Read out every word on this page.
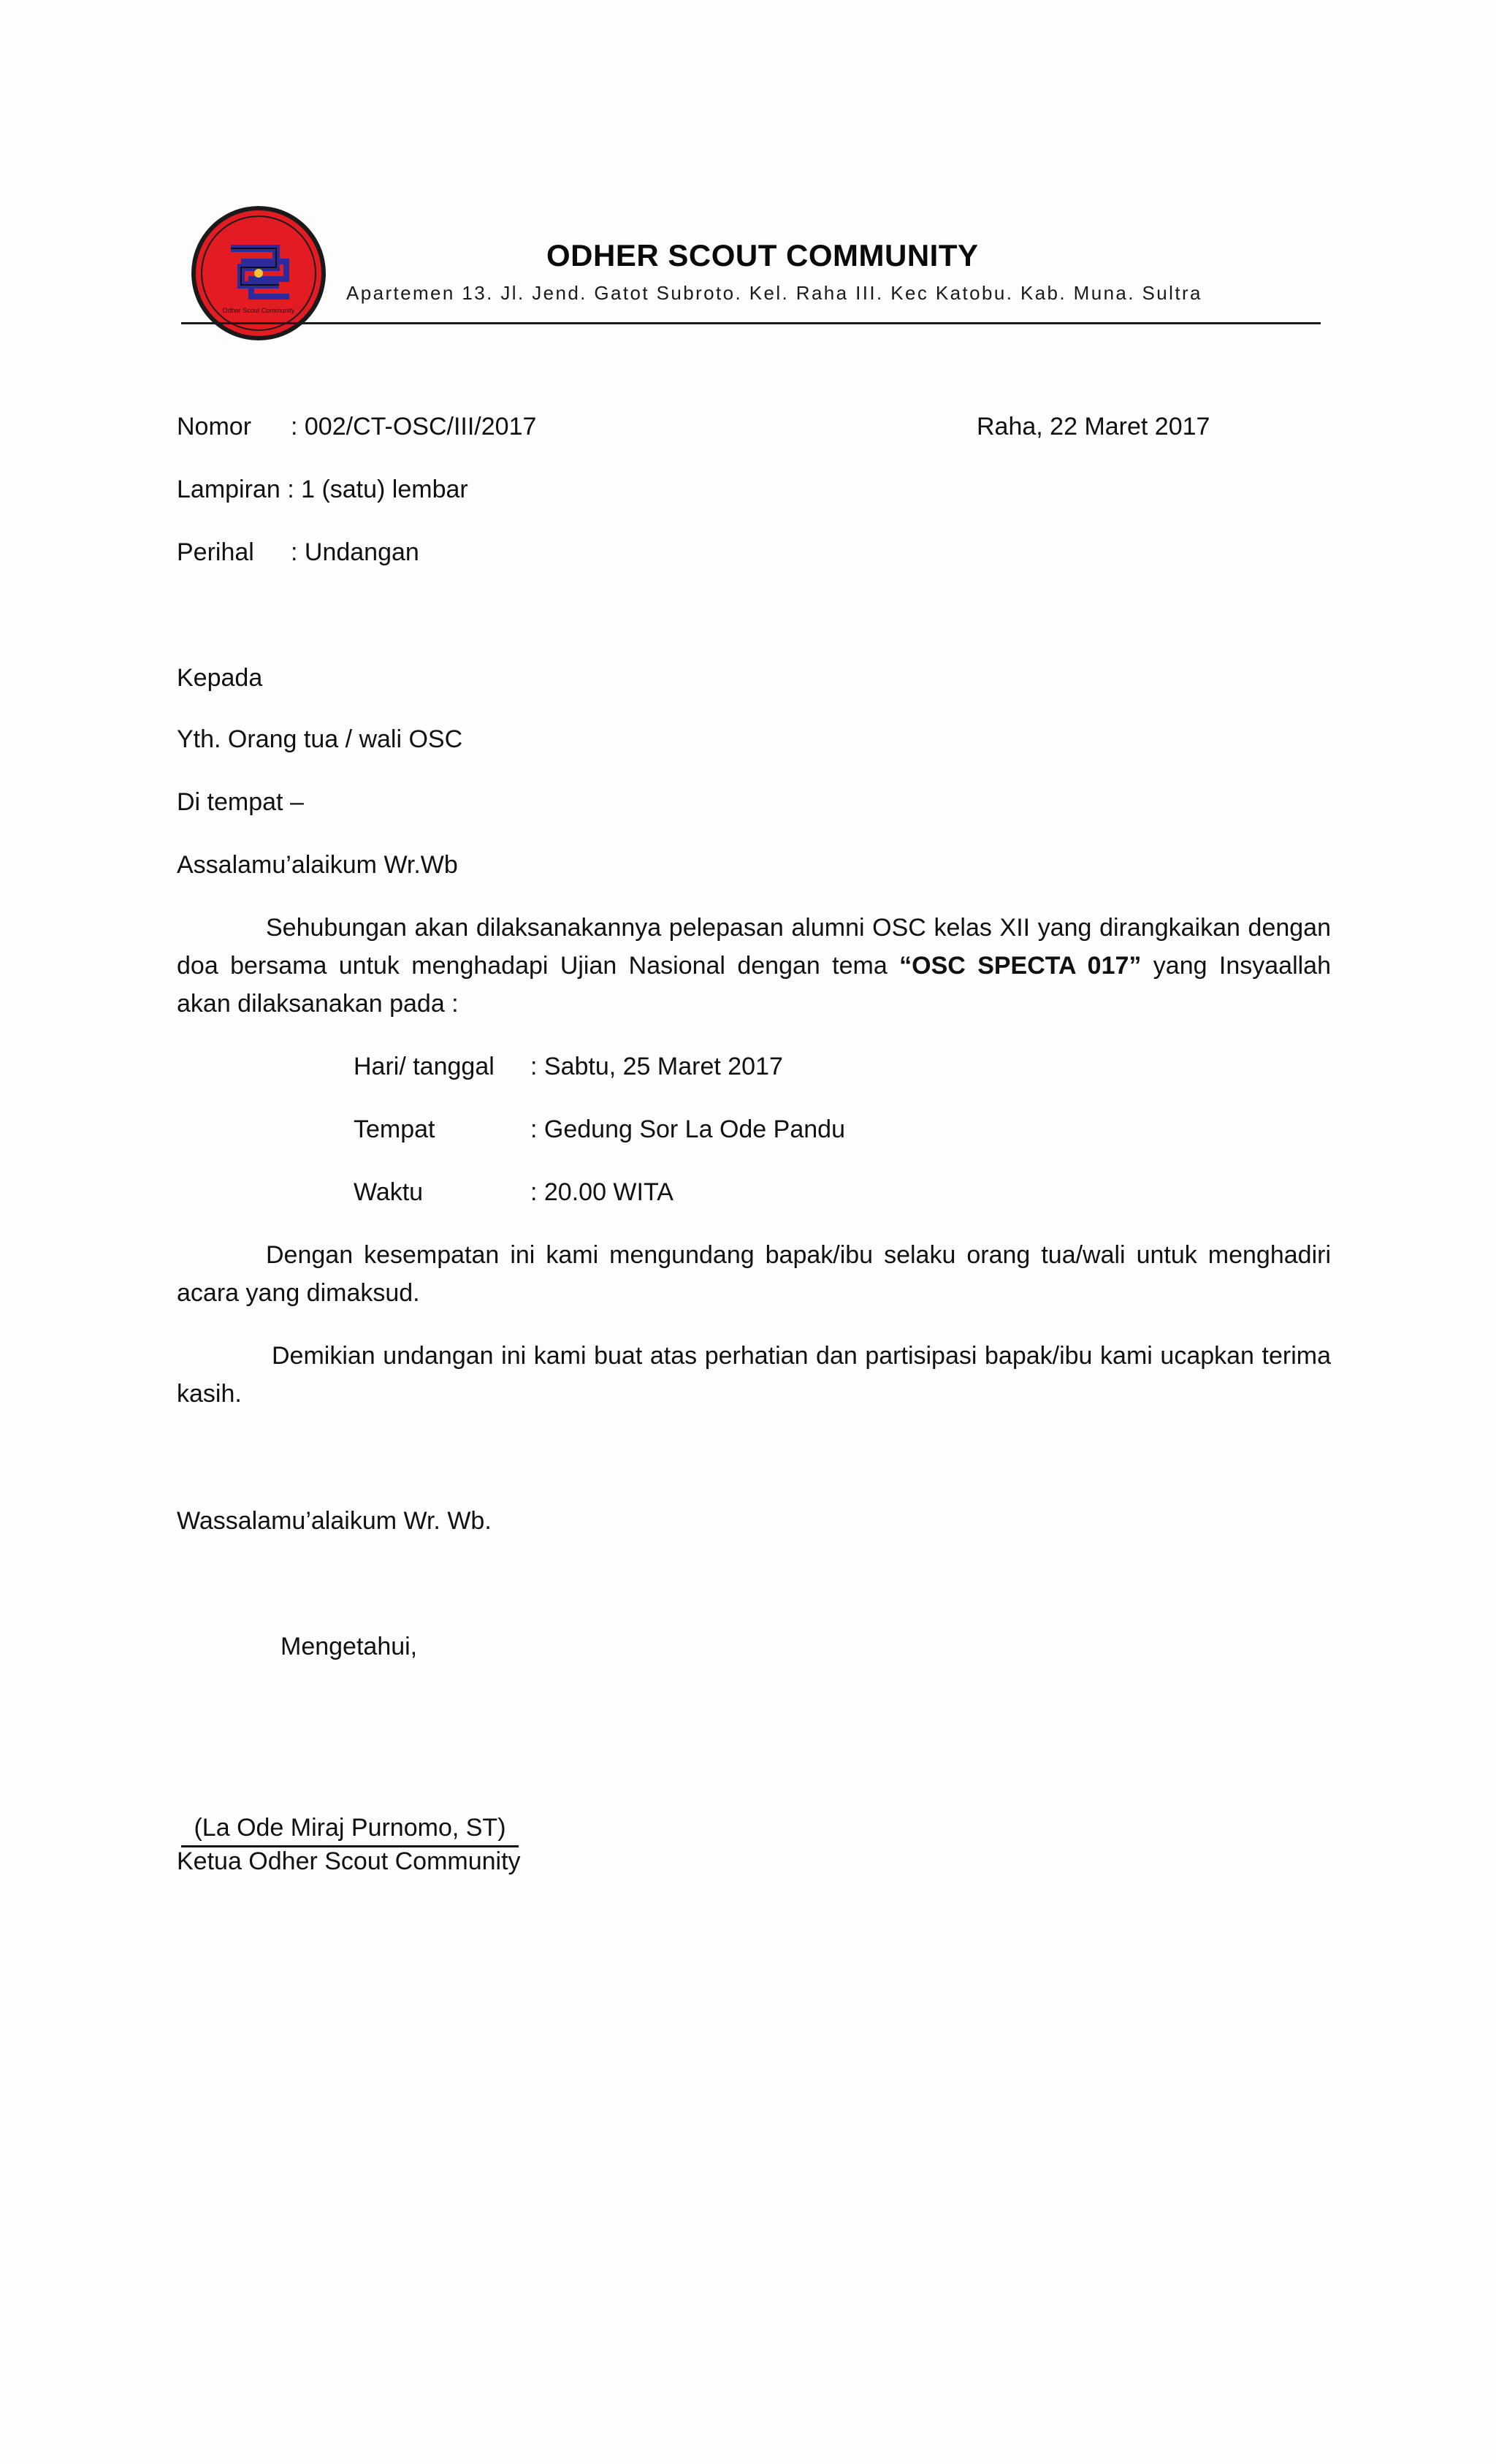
Odher Scout Community
ODHER SCOUT COMMUNITY
Apartemen 13. Jl. Jend. Gatot Subroto. Kel. Raha III. Kec Katobu. Kab. Muna. Sultra
Nomor : 002/CT-OSC/III/2017	Raha, 22 Maret 2017
Lampiran : 1 (satu) lembar
Perihal : Undangan
Kepada
Yth. Orang tua / wali OSC
Di tempat –
Assalamu’alaikum Wr.Wb
Sehubungan akan dilaksanakannya pelepasan alumni OSC kelas XII yang dirangkaikan dengan doa bersama untuk menghadapi Ujian Nasional dengan tema “OSC SPECTA 017” yang Insyaallah akan dilaksanakan pada :
Hari/ tanggal : Sabtu, 25 Maret 2017
Tempat	: Gedung Sor La Ode Pandu
Waktu	: 20.00 WITA
Dengan kesempatan ini kami mengundang bapak/ibu selaku orang tua/wali untuk menghadiri acara yang dimaksud.
Demikian undangan ini kami buat atas perhatian dan partisipasi bapak/ibu kami ucapkan terima kasih.
Wassalamu’alaikum Wr. Wb.
Mengetahui,
(La Ode Miraj Purnomo, ST)
Ketua Odher Scout Community
